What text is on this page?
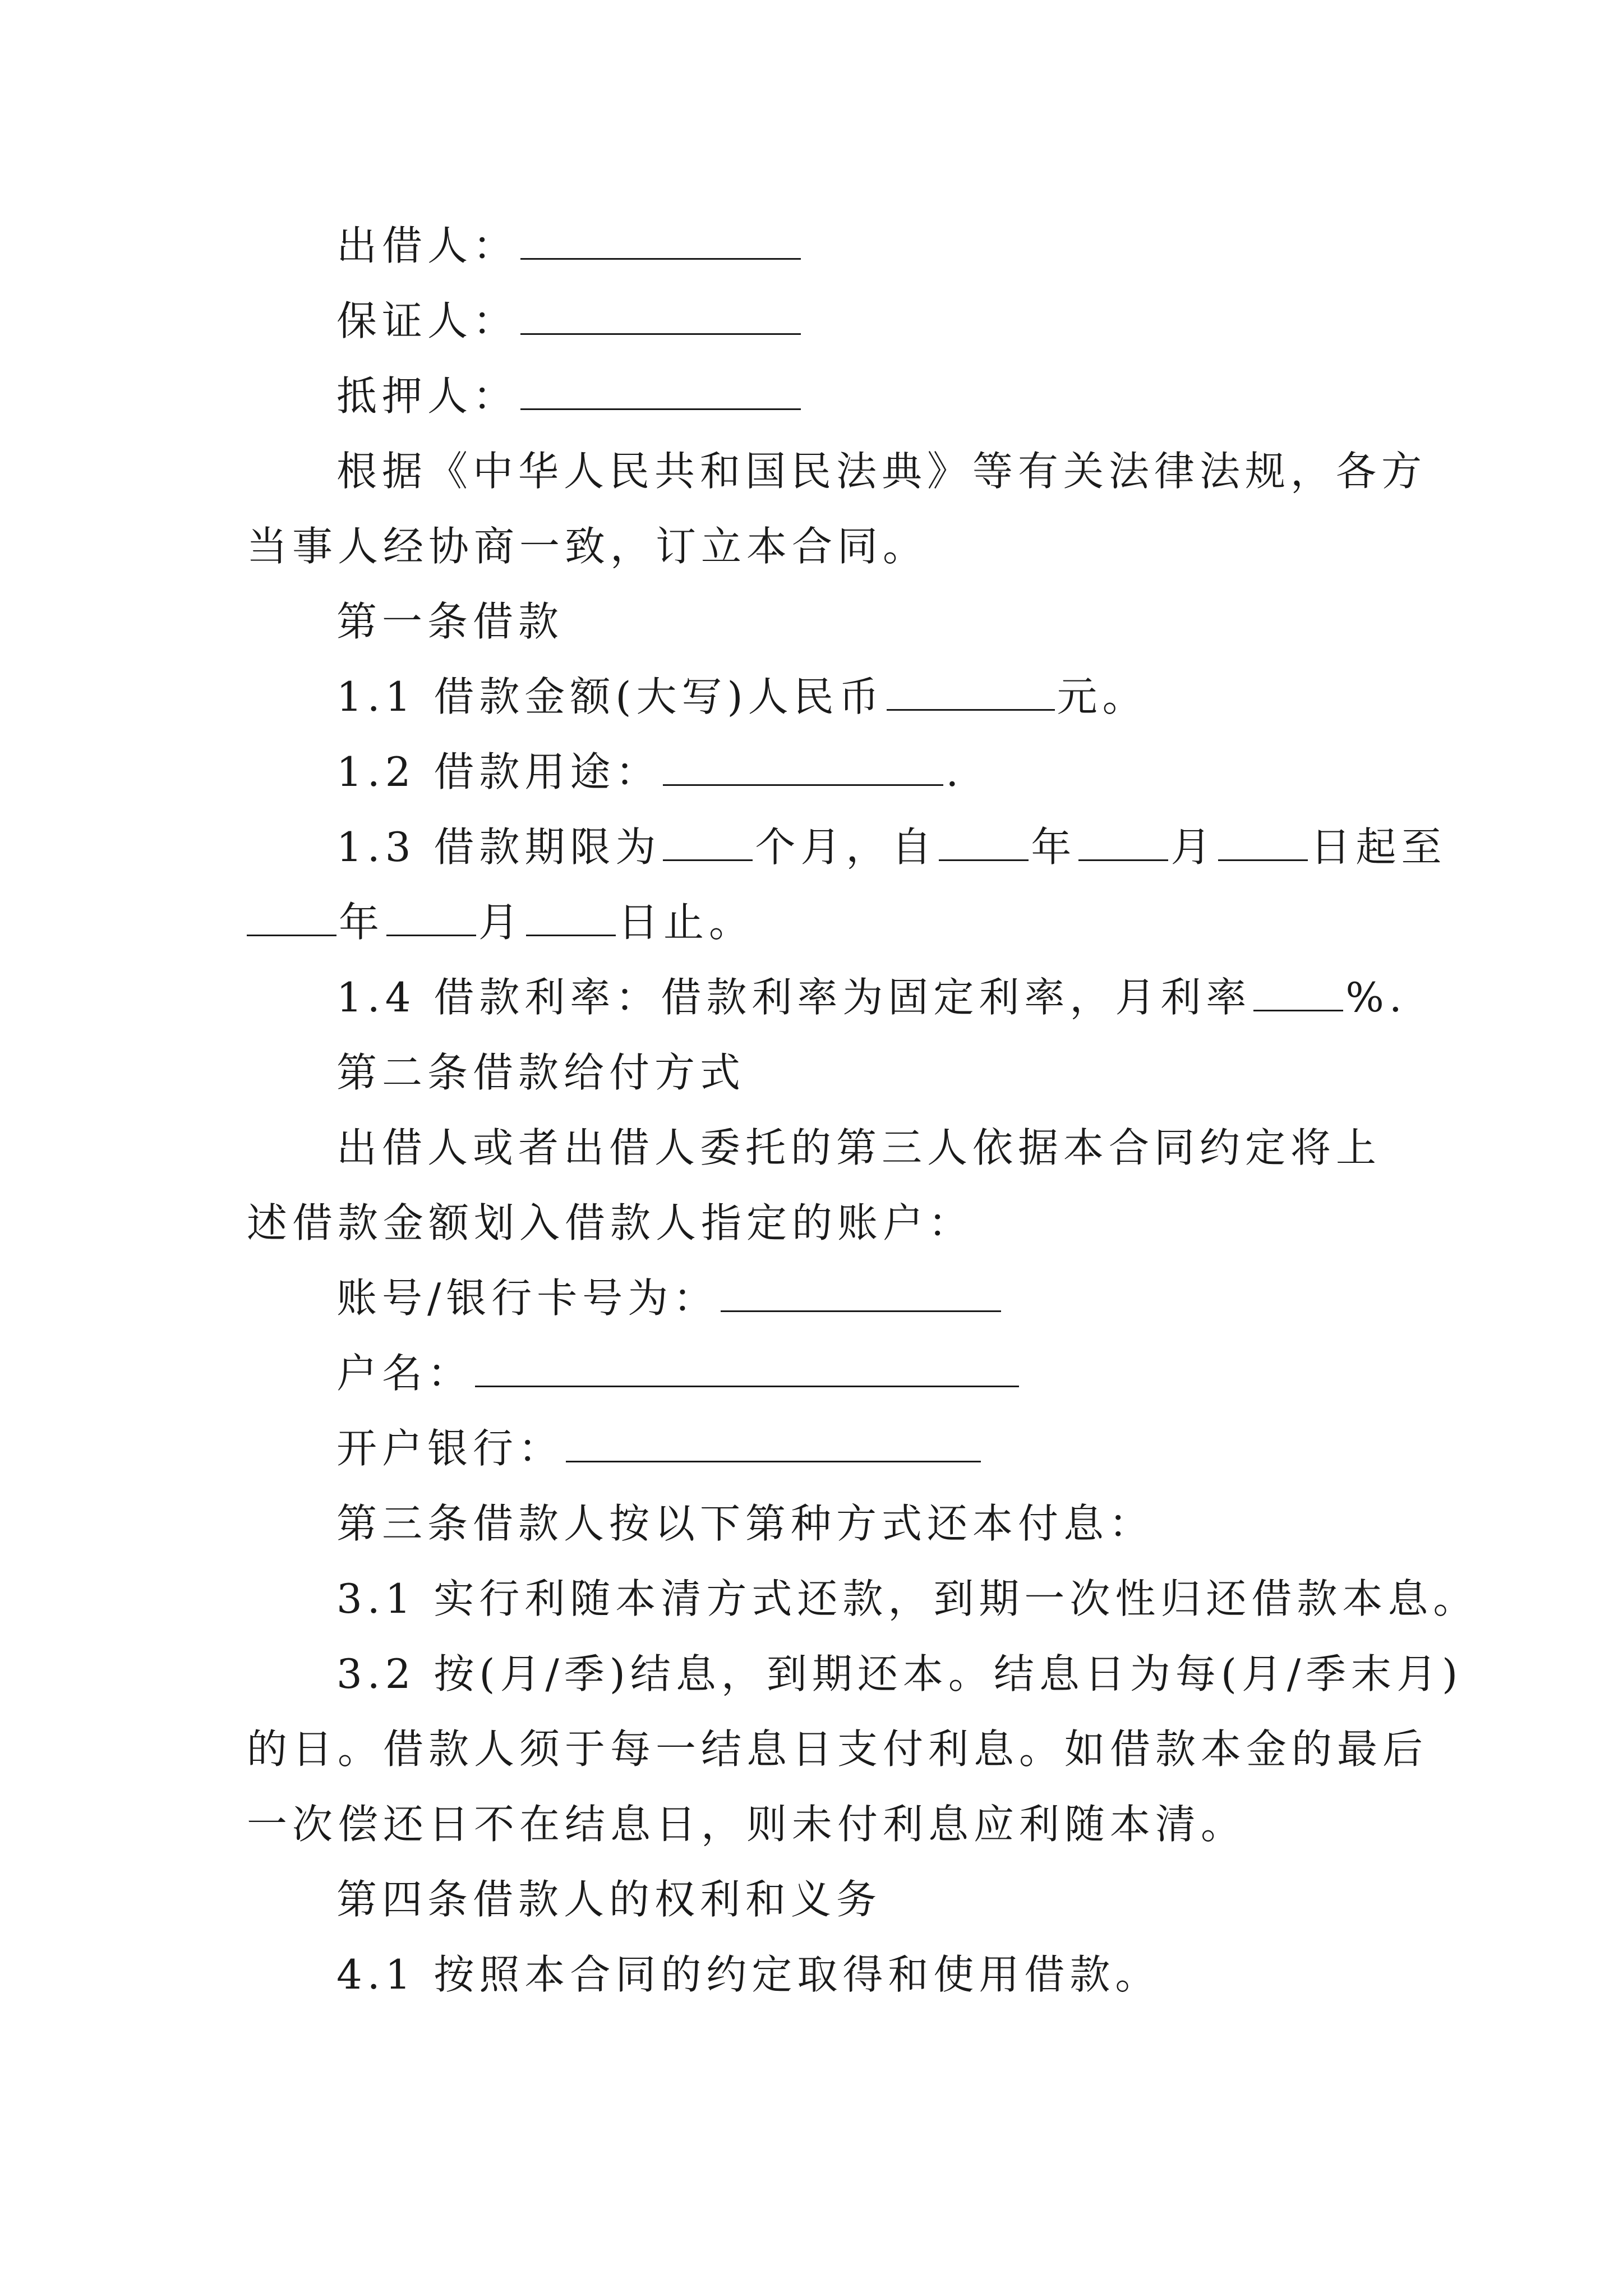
出借人：
保证人：
抵押人：
根据《中华人民共和国民法典》等有关法律法规，各方
当事人经协商一致，订立本合同。
第一条借款
1.1 借款金额(大写)人民币	元。
1.2 借款用途：	.
1.3 借款期限为 个月，自 年 月 日起至
年 月 日止。
1.4 借款利率：借款利率为固定利率，月利率 %.
第二条借款给付方式
出借人或者出借人委托的第三人依据本合同约定将上
述借款金额划入借款人指定的账户：
账号/银行卡号为：
户名：
开户银行：
第三条借款人按以下第种方式还本付息：
3.1 实行利随本清方式还款，到期一次性归还借款本息。
3.2 按(月/季)结息，到期还本。结息日为每(月/季末月)
的日。借款人须于每一结息日支付利息。如借款本金的最后
一次偿还日不在结息日，则未付利息应利随本清。
第四条借款人的权利和义务
4.1 按照本合同的约定取得和使用借款。
